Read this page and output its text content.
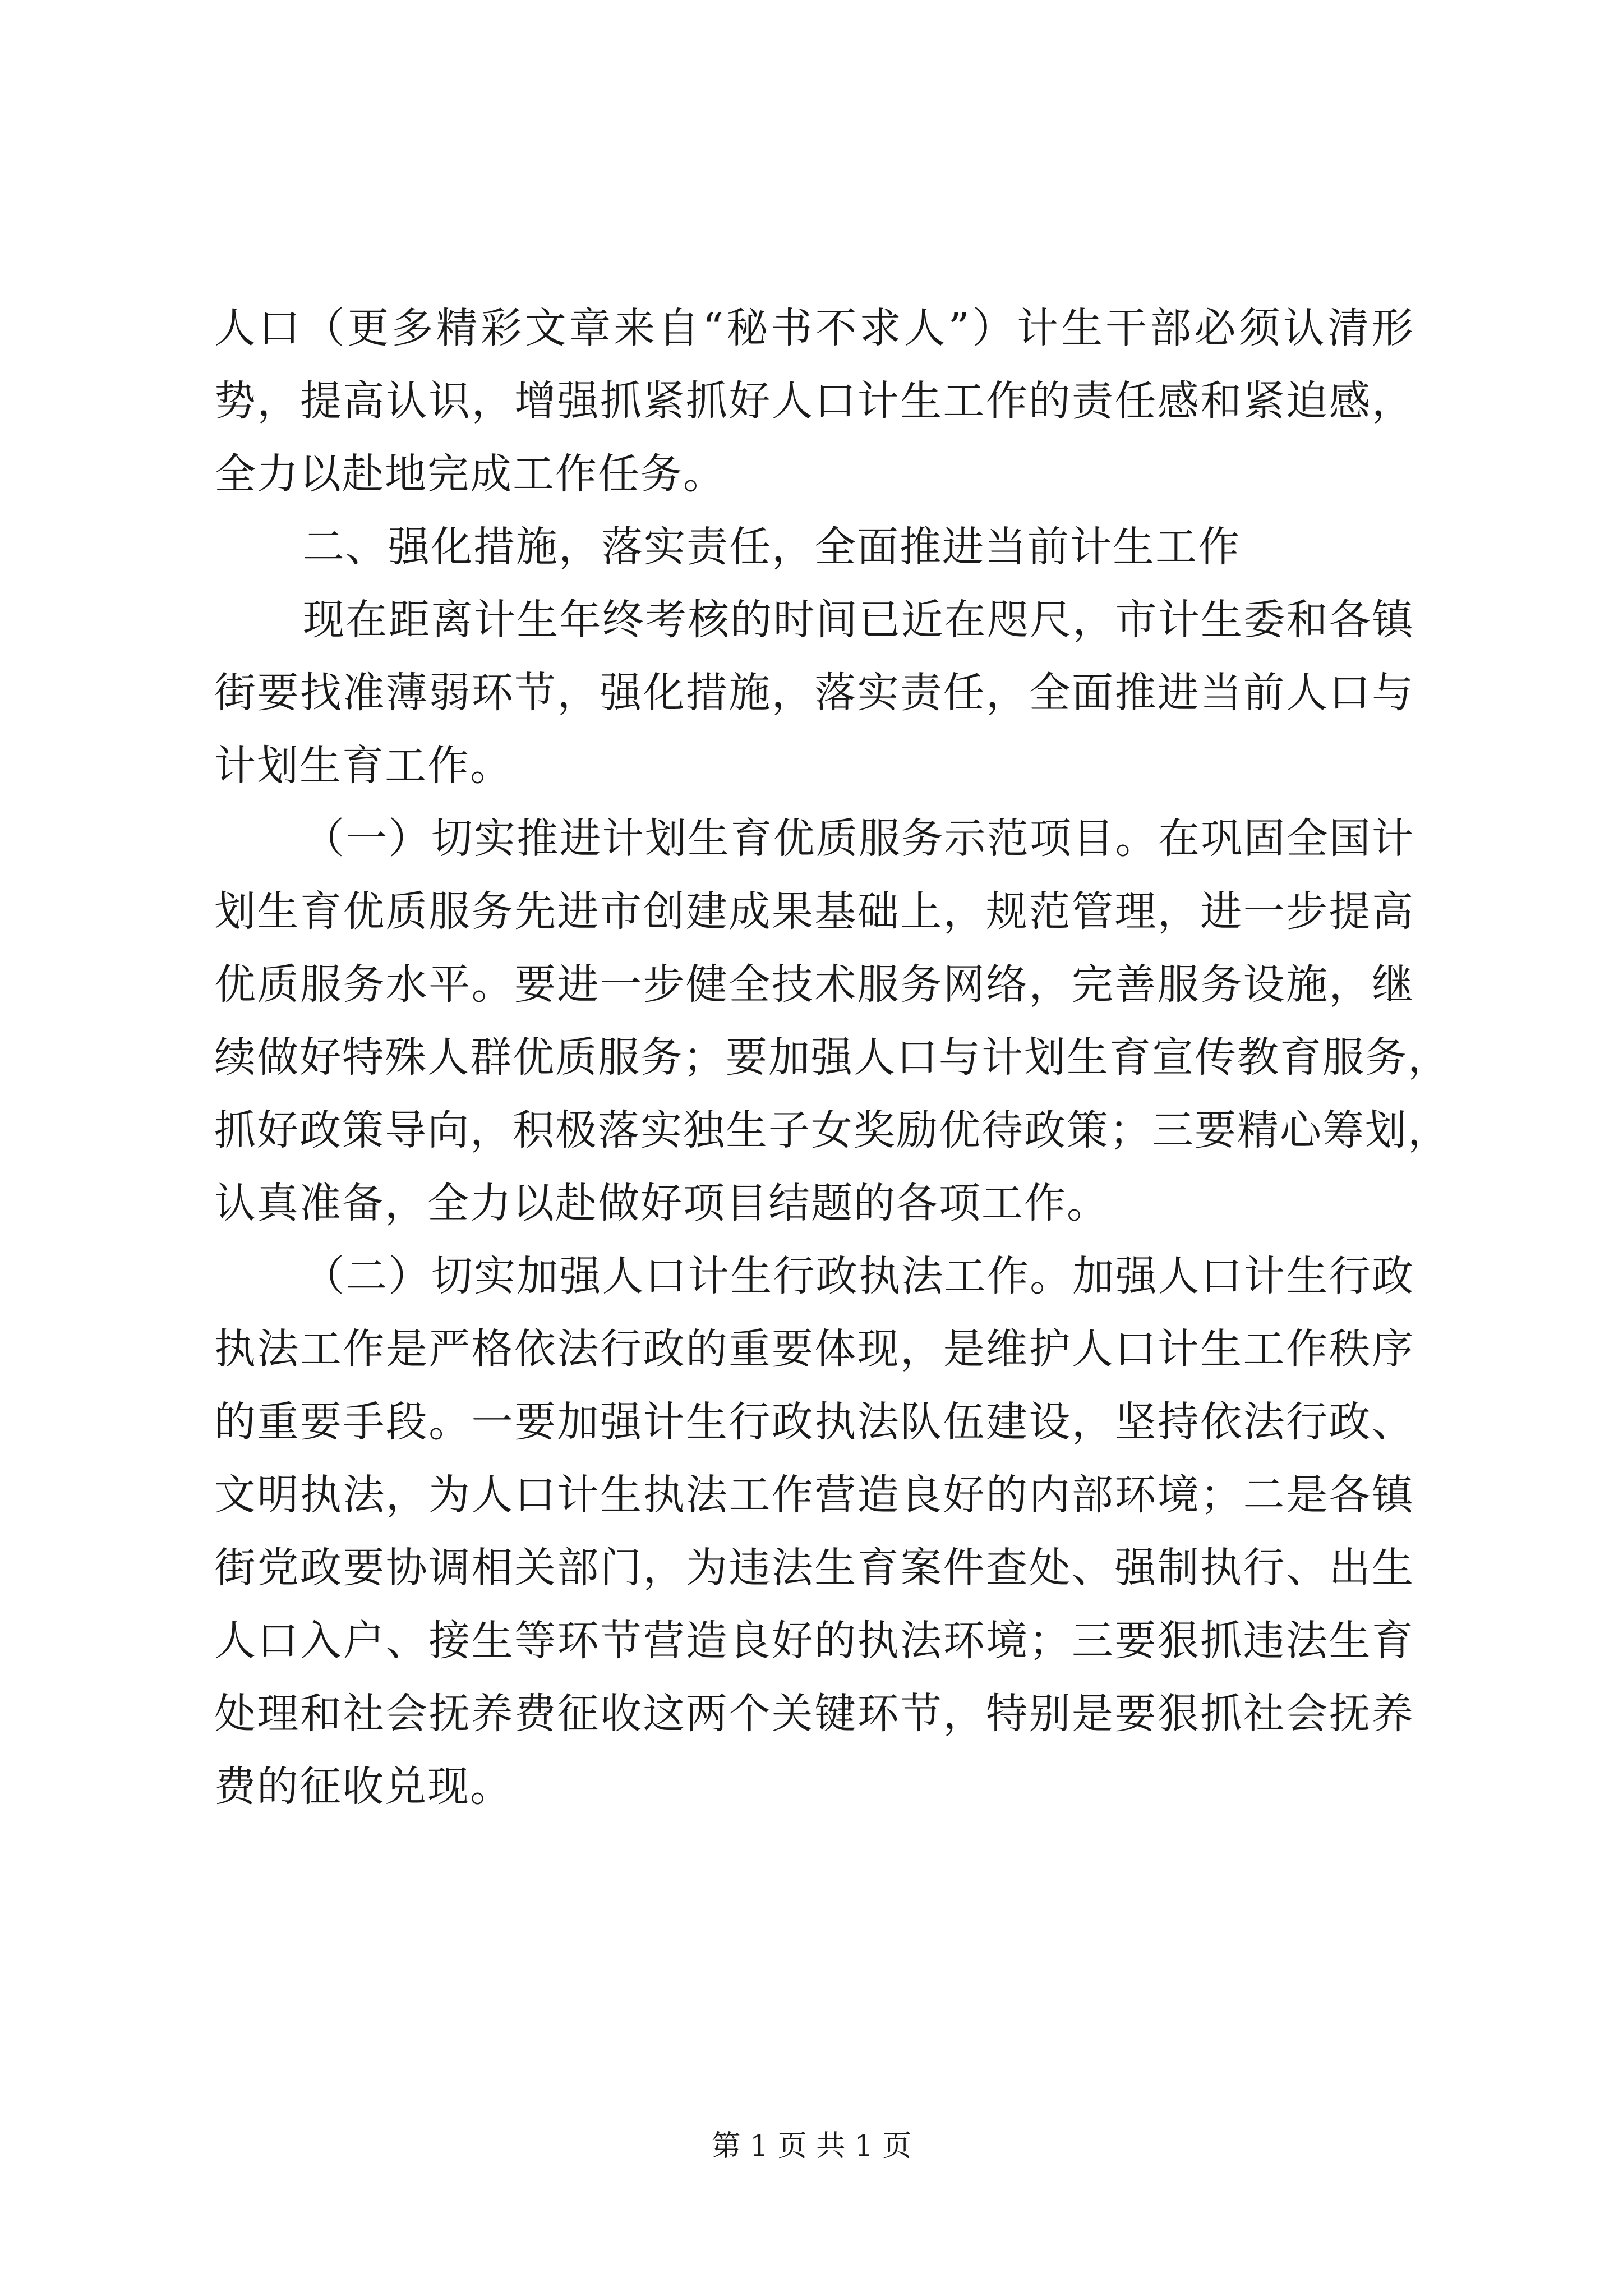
人口（更多精彩文章来自“秘书不求人”）计生干部必须认清形
势，提高认识，增强抓紧抓好人口计生工作的责任感和紧迫感，
全力以赴地完成工作任务。
二、强化措施，落实责任，全面推进当前计生工作
现在距离计生年终考核的时间已近在咫尺，市计生委和各镇
街要找准薄弱环节，强化措施，落实责任，全面推进当前人口与
计划生育工作。
（一）切实推进计划生育优质服务示范项目。在巩固全国计
划生育优质服务先进市创建成果基础上，规范管理，进一步提高
优质服务水平。要进一步健全技术服务网络，完善服务设施，继
续做好特殊人群优质服务；要加强人口与计划生育宣传教育服务，
抓好政策导向，积极落实独生子女奖励优待政策；三要精心筹划，
认真准备，全力以赴做好项目结题的各项工作。
（二）切实加强人口计生行政执法工作。加强人口计生行政
执法工作是严格依法行政的重要体现，是维护人口计生工作秩序
的重要手段。一要加强计生行政执法队伍建设，坚持依法行政、
文明执法，为人口计生执法工作营造良好的内部环境；二是各镇
街党政要协调相关部门，为违法生育案件查处、强制执行、出生
人口入户、接生等环节营造良好的执法环境；三要狠抓违法生育
处理和社会抚养费征收这两个关键环节，特别是要狠抓社会抚养
费的征收兑现。
第 1 页 共 1 页
